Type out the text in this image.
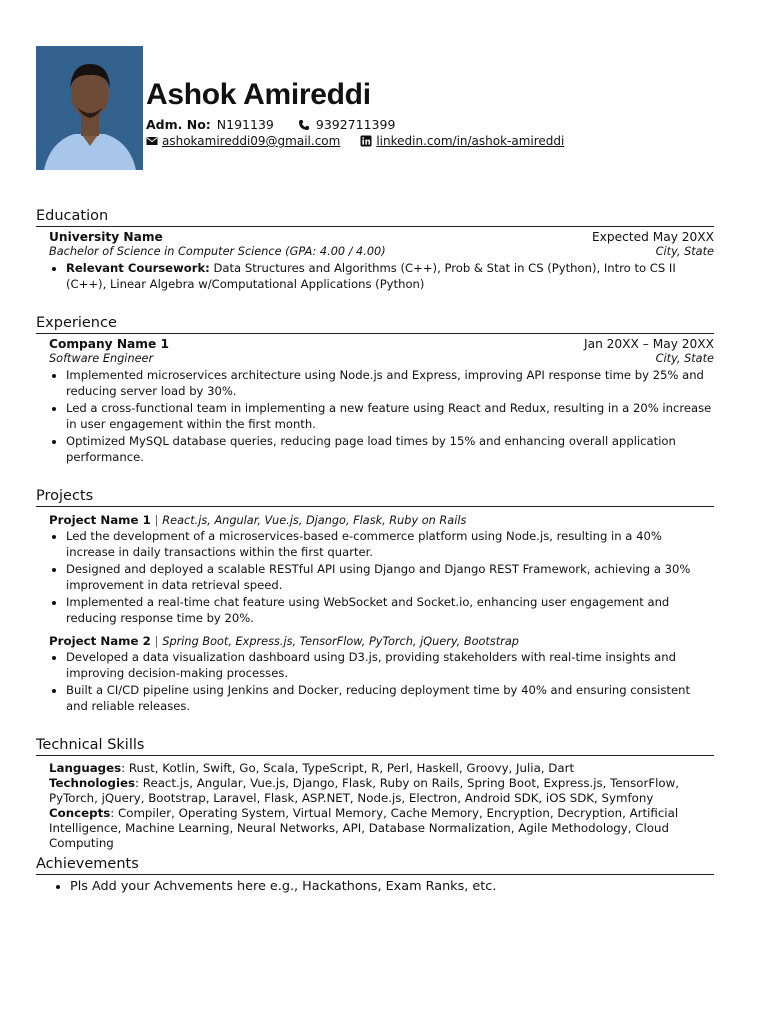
Ashok Amireddi
Adm. No: N191139	9392711399
ashokamireddi09@gmail.com	linkedin.com/in/ashok-amireddi
Education
University Name	Expected May 20XX
Bachelor of Science in Computer Science (GPA: 4.00 / 4.00)	City, State
• Relevant Coursework: Data Structures and Algorithms (C++), Prob & Stat in CS (Python), Intro to CS II (C++), Linear Algebra w/Computational Applications (Python)
Experience
Company Name 1	Jan 20XX – May 20XX
Software Engineer	City, State
• Implemented microservices architecture using Node.js and Express, improving API response time by 25% and reducing server load by 30%.
• Led a cross-functional team in implementing a new feature using React and Redux, resulting in a 20% increase in user engagement within the first month.
• Optimized MySQL database queries, reducing page load times by 15% and enhancing overall application performance.
Projects
Project Name 1 | React.js, Angular, Vue.js, Django, Flask, Ruby on Rails
• Led the development of a microservices-based e-commerce platform using Node.js, resulting in a 40% increase in daily transactions within the first quarter.
• Designed and deployed a scalable RESTful API using Django and Django REST Framework, achieving a 30% improvement in data retrieval speed.
• Implemented a real-time chat feature using WebSocket and Socket.io, enhancing user engagement and reducing response time by 20%.
Project Name 2 | Spring Boot, Express.js, TensorFlow, PyTorch, jQuery, Bootstrap
• Developed a data visualization dashboard using D3.js, providing stakeholders with real-time insights and improving decision-making processes.
• Built a CI/CD pipeline using Jenkins and Docker, reducing deployment time by 40% and ensuring consistent and reliable releases.
Technical Skills
Languages: Rust, Kotlin, Swift, Go, Scala, TypeScript, R, Perl, Haskell, Groovy, Julia, Dart
Technologies: React.js, Angular, Vue.js, Django, Flask, Ruby on Rails, Spring Boot, Express.js, TensorFlow, PyTorch, jQuery, Bootstrap, Laravel, Flask, ASP.NET, Node.js, Electron, Android SDK, iOS SDK, Symfony
Concepts: Compiler, Operating System, Virtual Memory, Cache Memory, Encryption, Decryption, Artificial Intelligence, Machine Learning, Neural Networks, API, Database Normalization, Agile Methodology, Cloud Computing
Achievements
• Pls Add your Achvements here e.g., Hackathons, Exam Ranks, etc.
